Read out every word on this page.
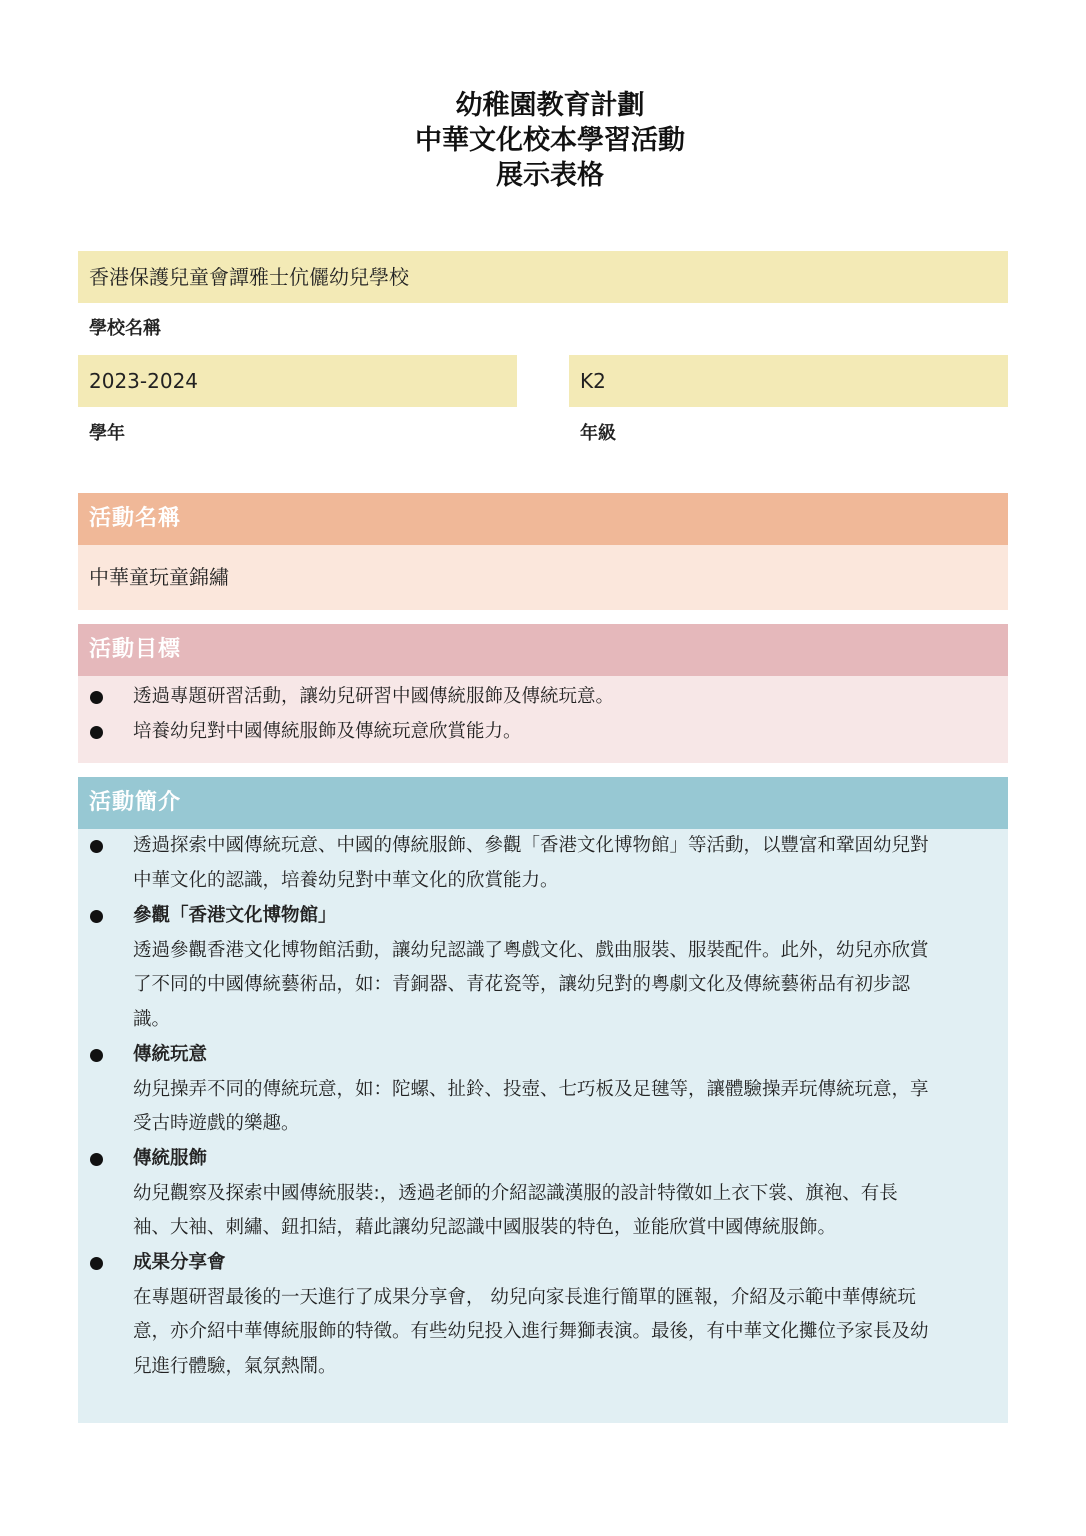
幼稚園教育計劃
中華文化校本學習活動
展示表格
香港保護兒童會譚雅士伉儷幼兒學校
學校名稱
2023-2024
學年
K2
年級
活動名稱
中華童玩童錦繡
活動目標
透過專題研習活動，讓幼兒研習中國傳統服飾及傳統玩意。
培養幼兒對中國傳統服飾及傳統玩意欣賞能力。
活動簡介
透過探索中國傳統玩意、中國的傳統服飾、參觀「香港文化博物館」等活動，以豐富和鞏固幼兒對
中華文化的認識，培養幼兒對中華文化的欣賞能力。
參觀「香港文化博物館」
透過參觀香港文化博物館活動，讓幼兒認識了粵戲文化、戲曲服裝、服裝配件。此外，幼兒亦欣賞
了不同的中國傳統藝術品，如：青銅器、青花瓷等，讓幼兒對的粵劇文化及傳統藝術品有初步認
識。
傳統玩意
幼兒操弄不同的傳統玩意，如：陀螺、扯鈴、投壺、七巧板及足毽等，讓體驗操弄玩傳統玩意，享
受古時遊戲的樂趣。
傳統服飾
幼兒觀察及探索中國傳統服裝:，透過老師的介紹認識漢服的設計特徵如上衣下裳、旗袍、有長
袖、大袖、刺繡、鈕扣結，藉此讓幼兒認識中國服裝的特色，並能欣賞中國傳統服飾。
成果分享會
在專題研習最後的一天進行了成果分享會， 幼兒向家長進行簡單的匯報，介紹及示範中華傳統玩
意，亦介紹中華傳統服飾的特徵。有些幼兒投入進行舞獅表演。最後，有中華文化攤位予家長及幼
兒進行體驗，氣氛熱鬧。
